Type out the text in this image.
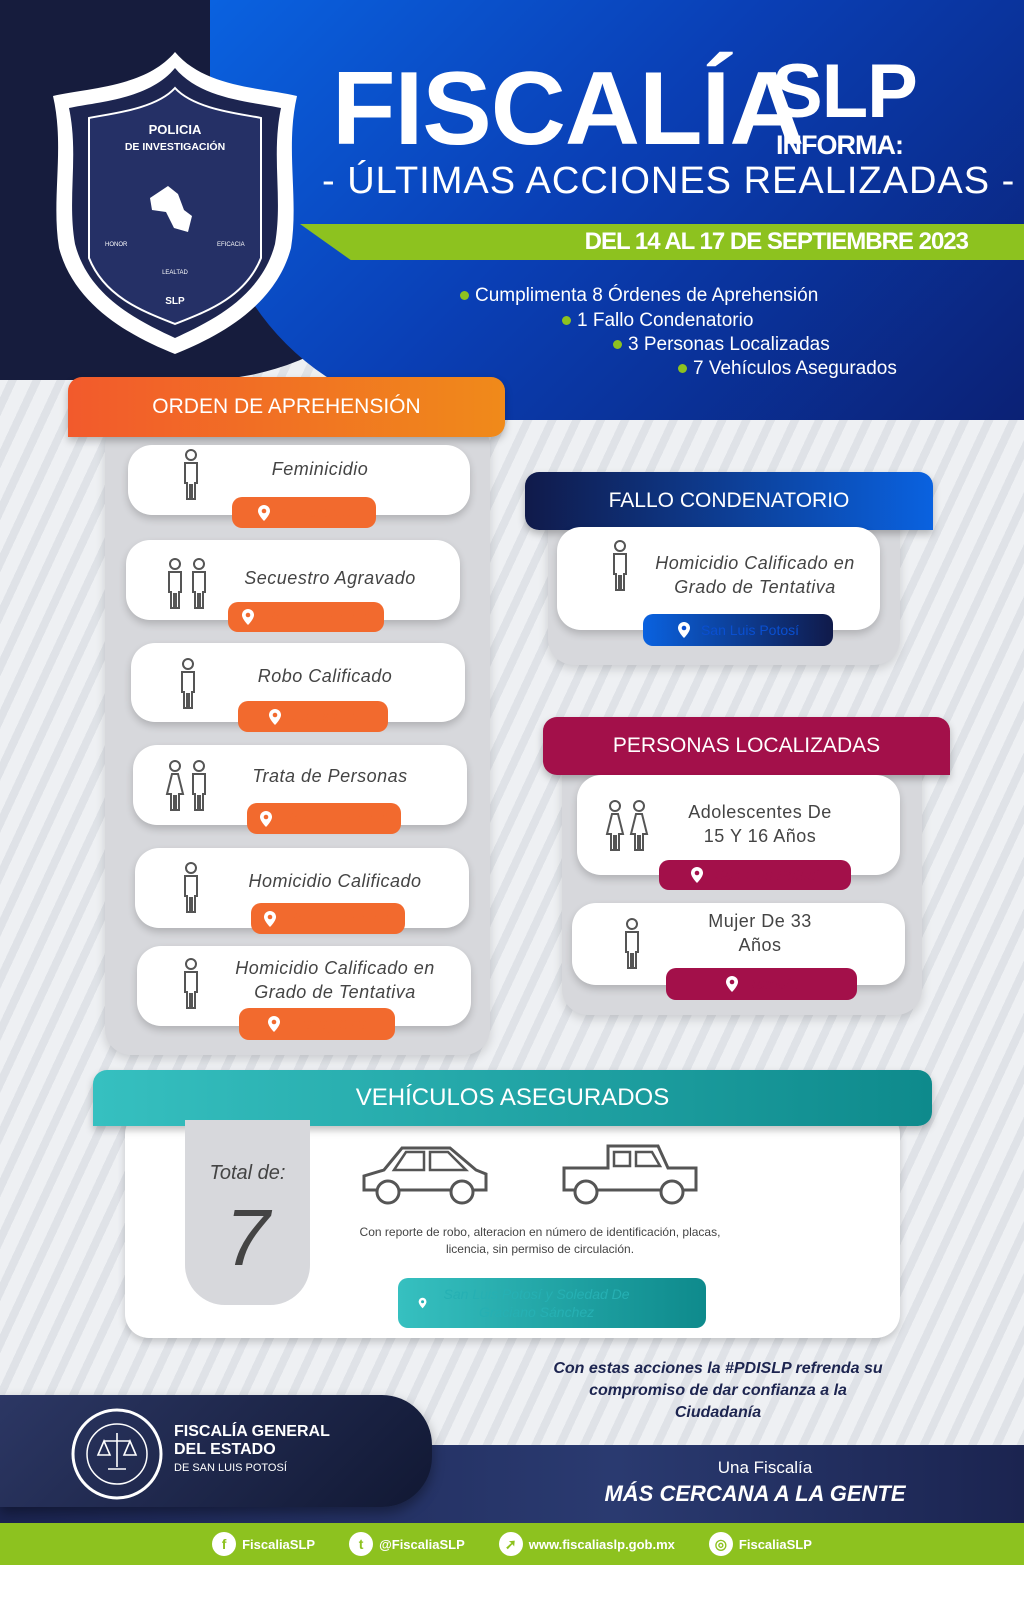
POLICIA
DE INVESTIGACIÓN
HONOR	EFICACIA
LEALTAD
SLP
FISCALÍA
SLP
INFORMA:
- ÚLTIMAS ACCIONES REALIZADAS -
DEL 14 AL 17 DE SEPTIEMBRE 2023
Cumplimenta 8 Órdenes de Aprehensión
1 Fallo Condenatorio
3 Personas Localizadas
7 Vehículos Asegurados
ORDEN DE APREHENSIÓN
Feminicidio
El Naranjo
Secuestro Agravado
San Luis Potosí
Robo Calificado
Aquismón
Trata de Personas
San Luis Potosí
Homicidio Calificado
San Luis Potosí
Homicidio Calificado en Grado de Tentativa
Zaragoza
FALLO CONDENATORIO
Homicidio Calificado en Grado de Tentativa
San Luis Potosí
PERSONAS LOCALIZADAS
Adolescentes De 15 Y 16 Años
San Luis Potosí
Mujer De 33 Años
Tamuín
VEHÍCULOS ASEGURADOS
Total de:
7	Con reporte de robo, alteracion en número de identificación, placas, licencia, sin permiso de circulación.
San Luis Potosí y Soledad De Graciano Sánchez
Con estas acciones la #PDISLP refrenda su compromiso de dar confianza a la Ciudadanía
FISCALÍA GENERAL
DEL ESTADO
DE SAN LUIS POTOSÍ	Una Fiscalía
MÁS CERCANA A LA GENTE
f	FiscaliaSLP	t	@FiscaliaSLP	➚ www.fiscaliaslp.gob.mx	◎ FiscaliaSLP
